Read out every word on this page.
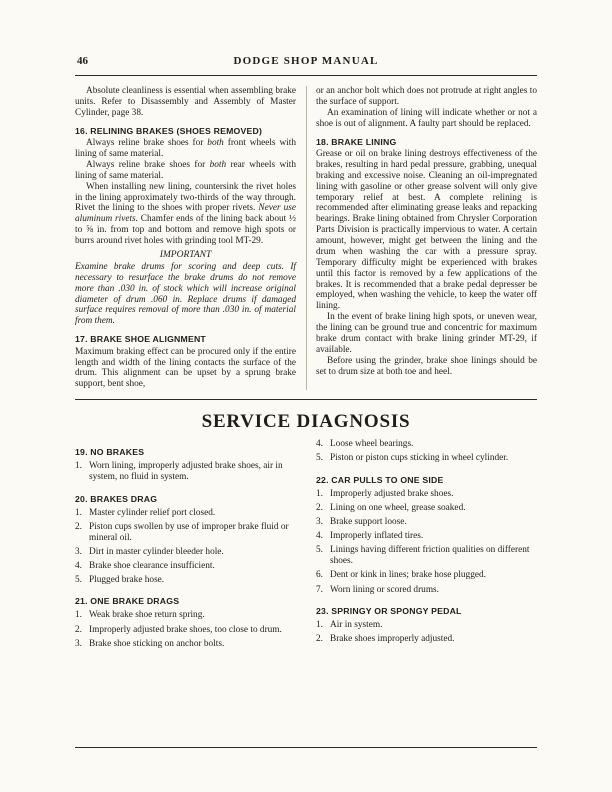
46	DODGE SHOP MANUAL

Absolute cleanliness is essential when assembling brake units. Refer to Disassembly and Assembly of Master Cylinder, page 38.

16. RELINING BRAKES (SHOES REMOVED)

Always reline brake shoes for both front wheels with lining of same material.

Always reline brake shoes for both rear wheels with lining of same material.

When installing new lining, countersink the rivet holes in the lining approximately two-thirds of the way through. Rivet the lining to the shoes with proper rivets. Never use aluminum rivets. Chamfer ends of the lining back about ½ to ⅝ in. from top and bottom and remove high spots or burrs around rivet holes with grinding tool MT-29.

IMPORTANT

Examine brake drums for scoring and deep cuts. If necessary to resurface the brake drums do not remove more than .030 in. of stock which will increase original diameter of drum .060 in. Replace drums if damaged surface requires removal of more than .030 in. of material from them.

17. BRAKE SHOE ALIGNMENT

Maximum braking effect can be procured only if the entire length and width of the lining contacts the surface of the drum. This alignment can be upset by a sprung brake support, bent shoe,

or an anchor bolt which does not protrude at right angles to the surface of support.

An examination of lining will indicate whether or not a shoe is out of alignment. A faulty part should be replaced.

18. BRAKE LINING

Grease or oil on brake lining destroys effectiveness of the brakes, resulting in hard pedal pressure, grabbing, unequal braking and excessive noise. Cleaning an oil-impregnated lining with gasoline or other grease solvent will only give temporary relief at best. A complete relining is recommended after eliminating grease leaks and repacking bearings. Brake lining obtained from Chrysler Corporation Parts Division is practically impervious to water. A certain amount, however, might get between the lining and the drum when washing the car with a pressure spray. Temporary difficulty might be experienced with brakes until this factor is removed by a few applications of the brakes. It is recommended that a brake pedal depresser be employed, when washing the vehicle, to keep the water off lining.

In the event of brake lining high spots, or uneven wear, the lining can be ground true and concentric for maximum brake drum contact with brake lining grinder MT-29, if available.

Before using the grinder, brake shoe linings should be set to drum size at both toe and heel.

SERVICE DIAGNOSIS
19. NO BRAKES
1. Worn lining, improperly adjusted brake shoes, air in system, no fluid in system.
20. BRAKES DRAG
1. Master cylinder relief port closed.
2. Piston cups swollen by use of improper brake fluid or mineral oil.
3. Dirt in master cylinder bleeder hole.
4. Brake shoe clearance insufficient.
5. Plugged brake hose.
21. ONE BRAKE DRAGS
1. Weak brake shoe return spring.
2. Improperly adjusted brake shoes, too close to drum.
3. Brake shoe sticking on anchor bolts.
4. Loose wheel bearings.
5. Piston or piston cups sticking in wheel cylinder.
22. CAR PULLS TO ONE SIDE
1. Improperly adjusted brake shoes.
2. Lining on one wheel, grease soaked.
3. Brake support loose.
4. Improperly inflated tires.
5. Linings having different friction qualities on different shoes.
6. Dent or kink in lines; brake hose plugged.
7. Worn lining or scored drums.
23. SPRINGY OR SPONGY PEDAL
1. Air in system.
2. Brake shoes improperly adjusted.
